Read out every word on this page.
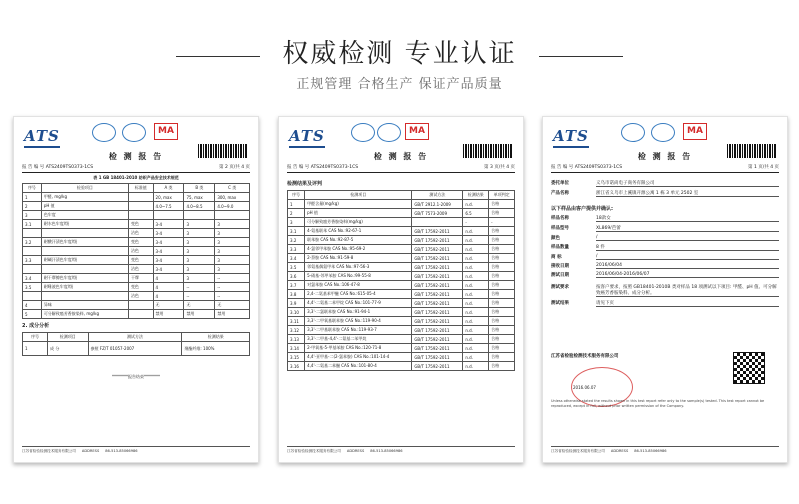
权威检测 专业认证
正规管理 合格生产 保证产品质量
ATS	MA
检 测 报 告
报 告 编 号 ATS2409TS0373-1CS	第 2 页/共 4 页
表 1 GB 18401-2010 纺织产品安全技术规范
序号	检验项目	标准值	A 类	B 类	C 类
1	甲醛, mg/kg		20, max	75, max	300, max
2	pH 值		4.0~7.5	4.0~8.5	4.0~9.0
3	色牢度				
3.1	耐水色牢度/级	变色	3-4	3	3
		沾色	3-4	3	3
3.2	耐酸汗渍色牢度/级	变色	3-4	3	3
		沾色	3-4	3	3
3.3	耐碱汗渍色牢度/级	变色	3-4	3	3
		沾色	3-4	3	3
3.4	耐干摩擦色牢度/级	干摩	4	3	--
3.5	耐唾液色牢度/级	变色	4	--	--
		沾色	4	--	--
4	异味		无	无	无
5	可分解致癌芳香胺染料, mg/kg		禁用	禁用	禁用
2. 成分分析
序号	检测项目	测试方法	检测结果
1	成 分	参照 FZ/T 01057-2007	聚酯纤维: 100%
********报告结束********
江苏省检验检测技术服务有限公司 ADDRESS 86-513-85066986
ATS	MA
检 测 报 告
报 告 编 号 ATS2409TS0373-1CS	第 3 页/共 4 页
检测结果及评判
序号	检测项目	测试方法	检测结果	单项判定
1	甲醛含量(mg/kg)	GB/T 2912.1-2009	n.d.	合格
2	pH 值	GB/T 7573-2009	6.5	合格
3	可分解致癌芳香胺染料(mg/kg)		-	-
3.1	4-氨基联苯 CAS No.:92-67-1	GB/T 17592-2011	n.d.	合格
3.2	联苯胺 CAS No.:92-87-5	GB/T 17592-2011	n.d.	合格
3.3	4-氯邻甲苯胺 CAS No.:95-69-2	GB/T 17592-2011	n.d.	合格
3.4	2-萘胺 CAS No.:91-59-8	GB/T 17592-2011	n.d.	合格
3.5	邻氨基偶氮甲苯 CAS No.:97-56-3	GB/T 17592-2011	n.d.	合格
3.6	5-硝基-邻甲苯胺 CAS No.:99-55-8	GB/T 17592-2011	n.d.	合格
3.7	对氯苯胺 CAS No.:106-47-8	GB/T 17592-2011	n.d.	合格
3.8	2,4-二氨基苯甲醚 CAS No.:615-05-4	GB/T 17592-2011	n.d.	合格
3.9	4,4'-二氨基二苯甲烷 CAS No.:101-77-9	GB/T 17592-2011	n.d.	合格
3.10	3,3'-二氯联苯胺 CAS No.:91-94-1	GB/T 17592-2011	n.d.	合格
3.11	3,3'-二甲氧基联苯胺 CAS No.:119-90-4	GB/T 17592-2011	n.d.	合格
3.12	3,3'-二甲基联苯胺 CAS No.:119-93-7	GB/T 17592-2011	n.d.	合格
3.13	3,3'-二甲基-4,4'-二氨基二苯甲烷	GB/T 17592-2011	n.d.	合格
3.14	2-甲氧基-5-甲基苯胺 CAS No.:120-71-8	GB/T 17592-2011	n.d.	合格
3.15	4,4'-亚甲基-二(2-氯苯胺) CAS No.:101-14-4	GB/T 17592-2011	n.d.	合格
3.16	4,4'-二氨基二苯醚 CAS No.:101-80-4	GB/T 17592-2011	n.d.	合格
江苏省检验检测技术服务有限公司 ADDRESS 86-513-85066986
ATS	MA
检 测 报 告
报 告 编 号 ATS2409TS0373-1CS	第 1 页/共 4 页
委托单位	义乌市诺尚电子商务有限公司
产品名称	浙江省义乌市上溪镇开源公寓 1 栋 3 单元 2502 室
以下样品由客户提供并确认:
样品名称	18款女
样品型号	XL869/芭蕾
颜色	/
样品数量	8 件
商 标	/
接收日期	2016/06/04
测试日期	2016/06/04-2016/06/07
测试要求	按客户要求，按照 GB18401-2010B 类对样品 18 项测试以下项目: 甲醛、pH 值、可分解致癌芳香胺染料、成分分析。
测试结果	请见下页
江苏省检验检测技术服务有限公司
2016.06.07
Unless otherwise stated the results shown in this test report refer only to the sample(s) tested. This test report cannot be reproduced, except in full, without prior written permission of the Company.
江苏省检验检测技术服务有限公司 ADDRESS 86-513-85066986
